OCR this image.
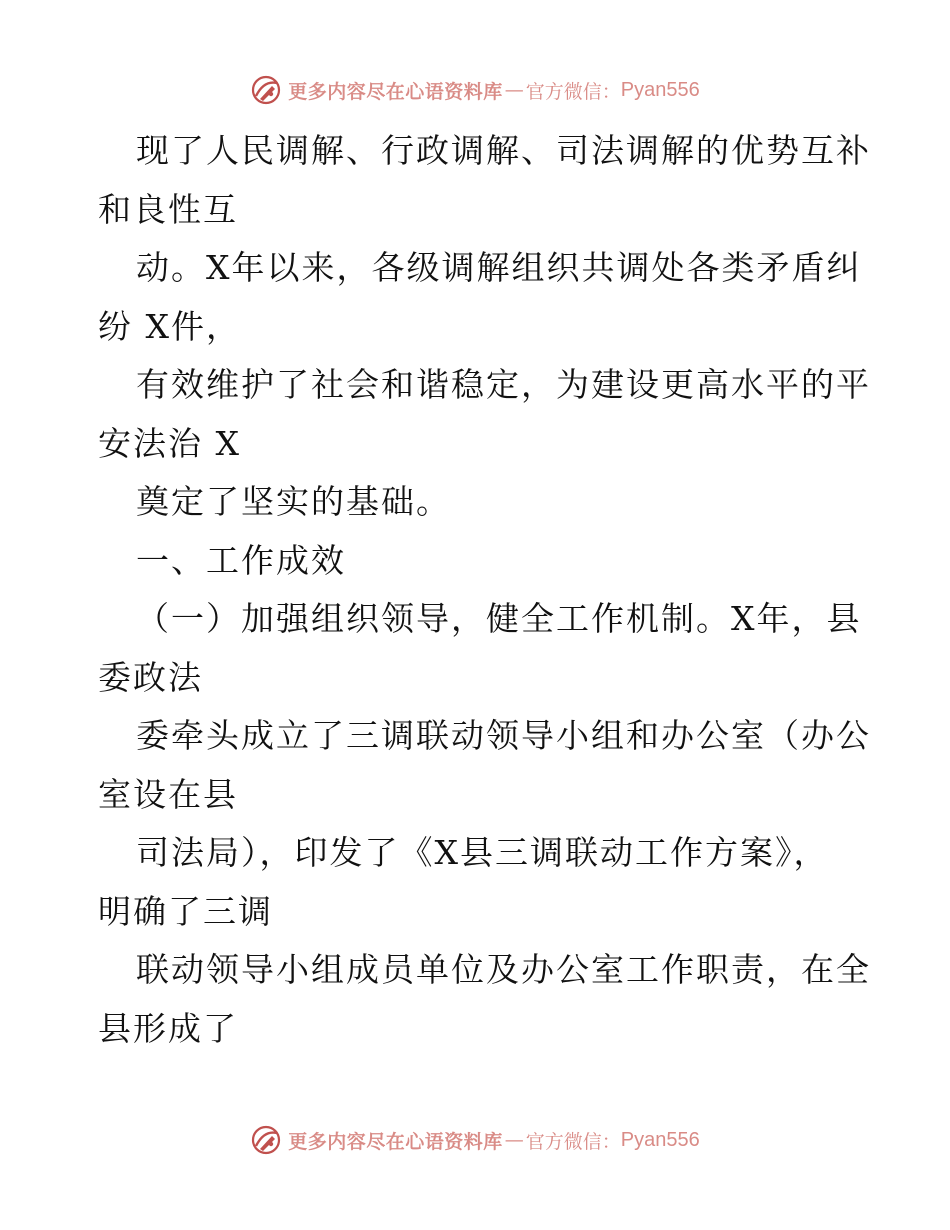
更多内容尽在心语资料库 — 官方微信： Pyan556
现了人民调解、行政调解、司法调解的优势互补
和良性互
动。X年以来，各级调解组织共调处各类矛盾纠
纷 X件，
有效维护了社会和谐稳定，为建设更高水平的平
安法治 X
奠定了坚实的基础。
一、工作成效
（一）加强组织领导，健全工作机制。X年，县
委政法
委牵头成立了三调联动领导小组和办公室（办公
室设在县
司法局），印发了《X县三调联动工作方案》，
明确了三调
联动领导小组成员单位及办公室工作职责，在全
县形成了
更多内容尽在心语资料库 — 官方微信： Pyan556
